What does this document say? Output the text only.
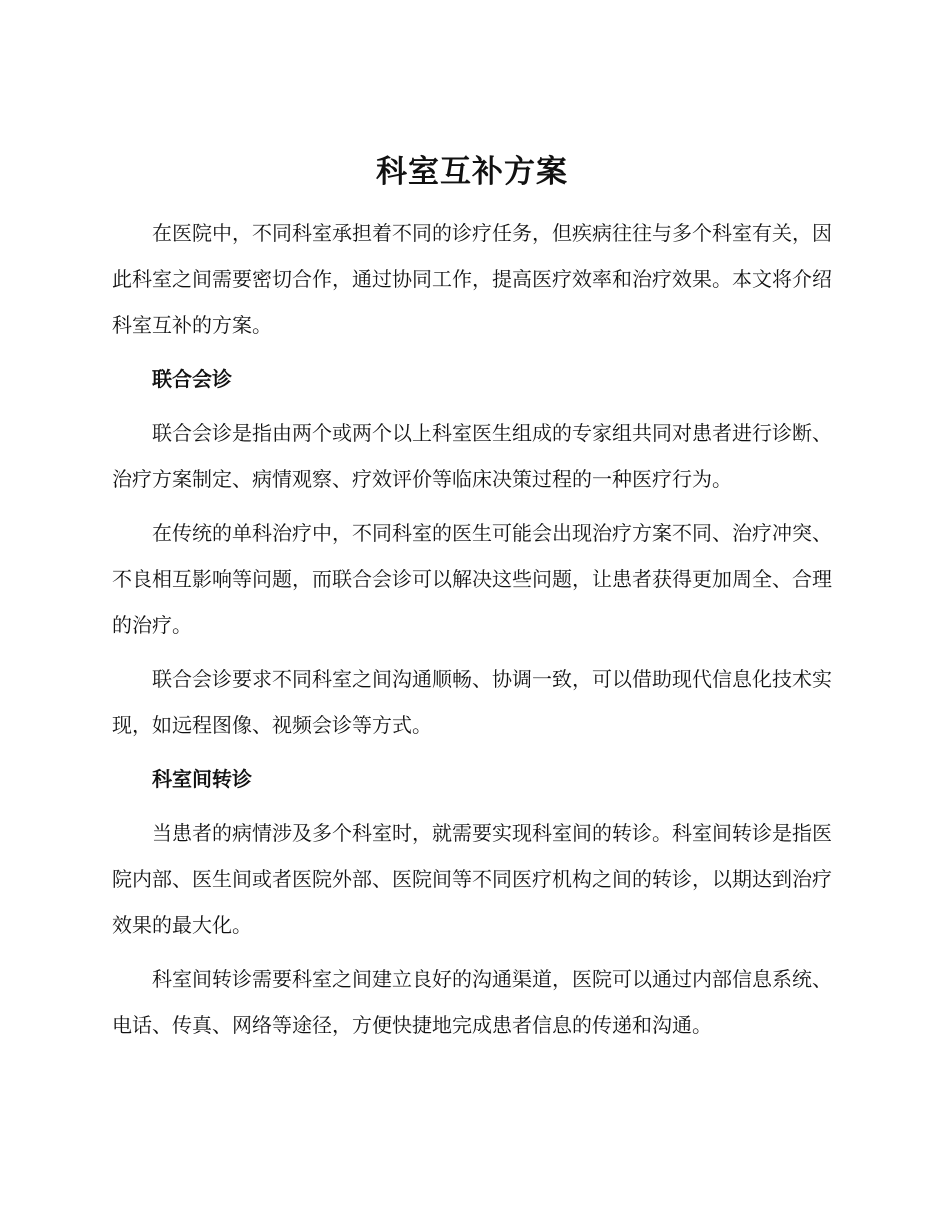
科室互补方案

在医院中，不同科室承担着不同的诊疗任务，但疾病往往与多个科室有关，因此科室之间需要密切合作，通过协同工作，提高医疗效率和治疗效果。本文将介绍科室互补的方案。

联合会诊

联合会诊是指由两个或两个以上科室医生组成的专家组共同对患者进行诊断、治疗方案制定、病情观察、疗效评价等临床决策过程的一种医疗行为。

在传统的单科治疗中，不同科室的医生可能会出现治疗方案不同、治疗冲突、不良相互影响等问题，而联合会诊可以解决这些问题，让患者获得更加周全、合理的治疗。

联合会诊要求不同科室之间沟通顺畅、协调一致，可以借助现代信息化技术实现，如远程图像、视频会诊等方式。

科室间转诊

当患者的病情涉及多个科室时，就需要实现科室间的转诊。科室间转诊是指医院内部、医生间或者医院外部、医院间等不同医疗机构之间的转诊，以期达到治疗效果的最大化。

科室间转诊需要科室之间建立良好的沟通渠道，医院可以通过内部信息系统、电话、传真、网络等途径，方便快捷地完成患者信息的传递和沟通。
